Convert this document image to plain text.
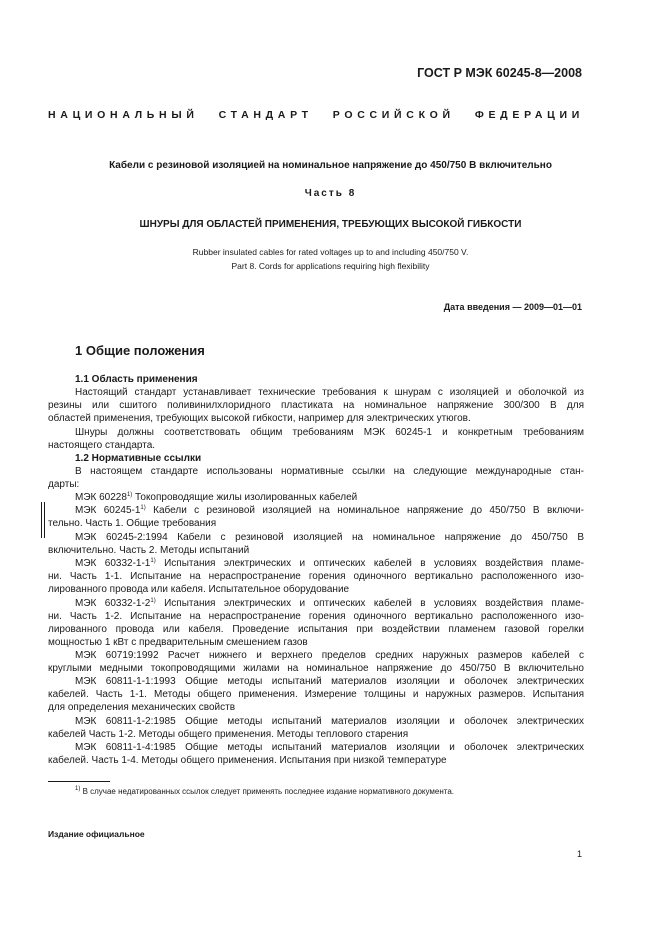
ГОСТ Р МЭК 60245-8—2008
НАЦИОНАЛЬНЫЙ СТАНДАРТ РОССИЙСКОЙ ФЕДЕРАЦИИ
Кабели с резиновой изоляцией на номинальное напряжение до 450/750 В включительно
Часть 8
ШНУРЫ ДЛЯ ОБЛАСТЕЙ ПРИМЕНЕНИЯ, ТРЕБУЮЩИХ ВЫСОКОЙ ГИБКОСТИ
Rubber insulated cables for rated voltages up to and including 450/750 V.
Part 8. Cords for applications requiring high flexibility
Дата введения — 2009—01—01
1 Общие положения
1.1 Область применения
Настоящий стандарт устанавливает технические требования к шнурам с изоляцией и оболочкой из
резины или сшитого поливинилхлоридного пластиката на номинальное напряжение 300/300 В для
областей применения, требующих высокой гибкости, например для электрических утюгов.
Шнуры должны соответствовать общим требованиям МЭК 60245-1 и конкретным требованиям
настоящего стандарта.
1.2 Нормативные ссылки
В настоящем стандарте использованы нормативные ссылки на следующие международные стан-
дарты:
МЭК 60228$^{1)}$ Токопроводящие жилы изолированных кабелей
МЭК 60245-1$^{1)}$ Кабели с резиновой изоляцией на номинальное напряжение до 450/750 В включи-
тельно. Часть 1. Общие требования
МЭК 60245-2:1994 Кабели с резиновой изоляцией на номинальное напряжение до 450/750 В
включительно. Часть 2. Методы испытаний
МЭК 60332-1-1$^{1)}$ Испытания электрических и оптических кабелей в условиях воздействия пламе-
ни. Часть 1-1. Испытание на нераспространение горения одиночного вертикально расположенного изо-
лированного провода или кабеля. Испытательное оборудование
МЭК 60332-1-2$^{1)}$ Испытания электрических и оптических кабелей в условиях воздействия пламе-
ни. Часть 1-2. Испытание на нераспространение горения одиночного вертикально расположенного изо-
лированного провода или кабеля. Проведение испытания при воздействии пламенем газовой горелки
мощностью 1 кВт с предварительным смешением газов
МЭК 60719:1992 Расчет нижнего и верхнего пределов средних наружных размеров кабелей с
круглыми медными токопроводящими жилами на номинальное напряжение до 450/750 В включительно
МЭК 60811-1-1:1993 Общие методы испытаний материалов изоляции и оболочек электрических
кабелей. Часть 1-1. Методы общего применения. Измерение толщины и наружных размеров. Испытания
для определения механических свойств
МЭК 60811-1-2:1985 Общие методы испытаний материалов изоляции и оболочек электрических
кабелей Часть 1-2. Методы общего применения. Методы теплового старения
МЭК 60811-1-4:1985 Общие методы испытаний материалов изоляции и оболочек электрических
кабелей. Часть 1-4. Методы общего применения. Испытания при низкой температуре
$^{1)}$ В случае недатированных ссылок следует применять последнее издание нормативного документа.
Издание официальное
1
